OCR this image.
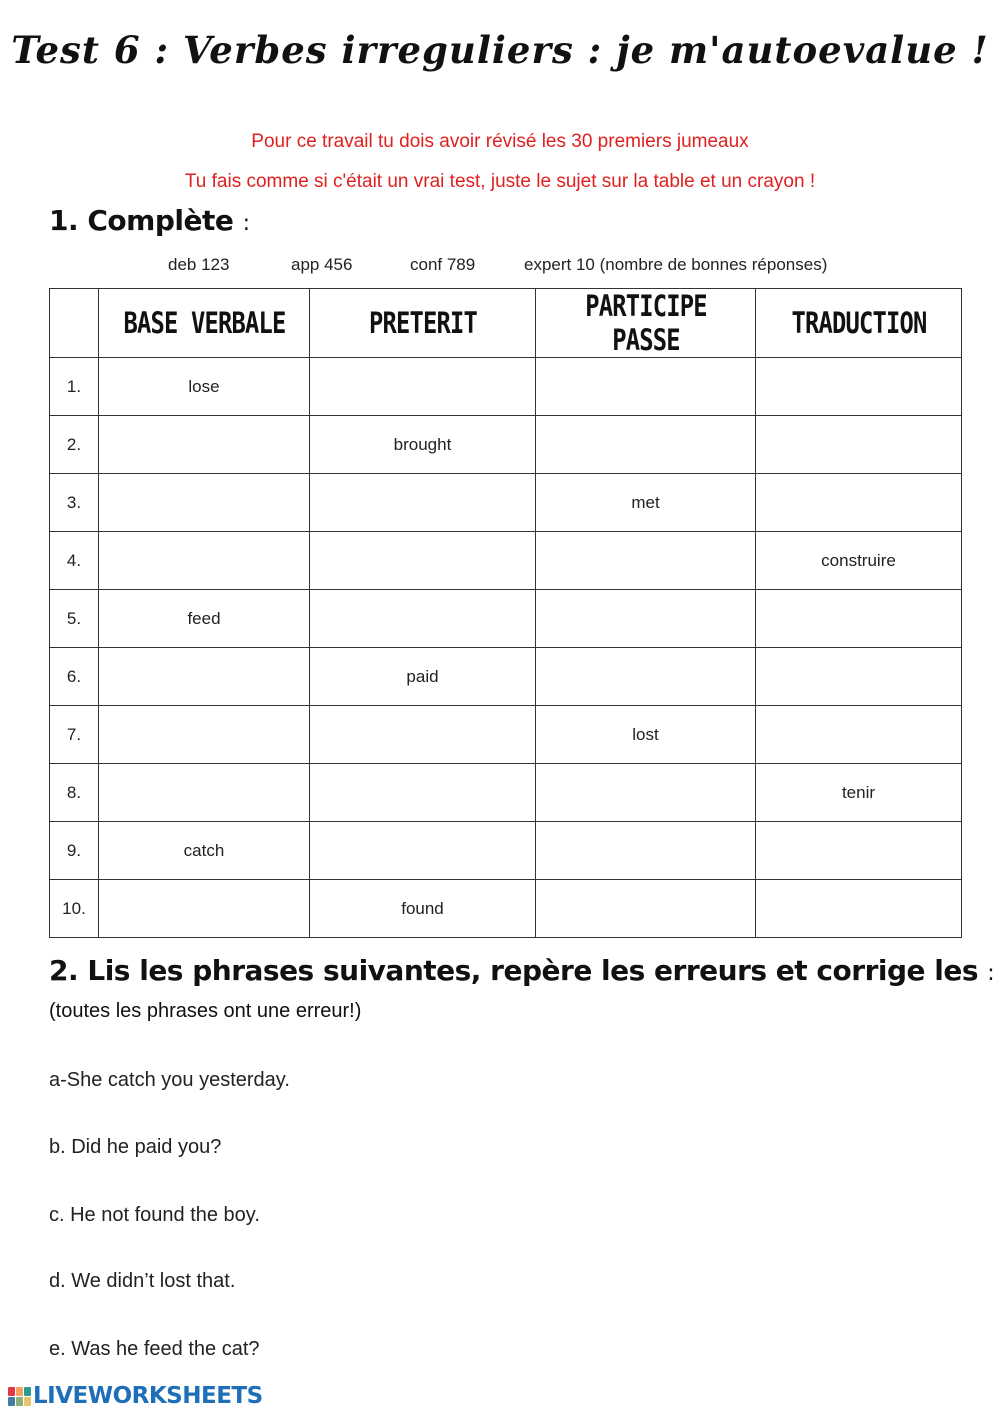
Test 6 : Verbes irreguliers : je m'autoevalue !
Pour ce travail tu dois avoir révisé les 30 premiers jumeaux
Tu fais comme si c'était un vrai test, juste le sujet sur la table et un crayon !
1. Complète :
deb 123	app 456	conf 789	expert 10 (nombre de bonnes réponses)
	BASE VERBALE	PRETERIT	PARTICIPE PASSE	TRADUCTION
1.	lose			
2.		brought		
3.			met	
4.				construire
5.	feed			
6.		paid		
7.			lost	
8.				tenir
9.	catch			
10.		found		
2. Lis les phrases suivantes, repère les erreurs et corrige les :
(toutes les phrases ont une erreur!)
a-She catch you yesterday.
b. Did he paid you?
c. He not found the boy.
d. We didn’t lost that.
e. Was he feed the cat?
LIVEWORKSHEETS
